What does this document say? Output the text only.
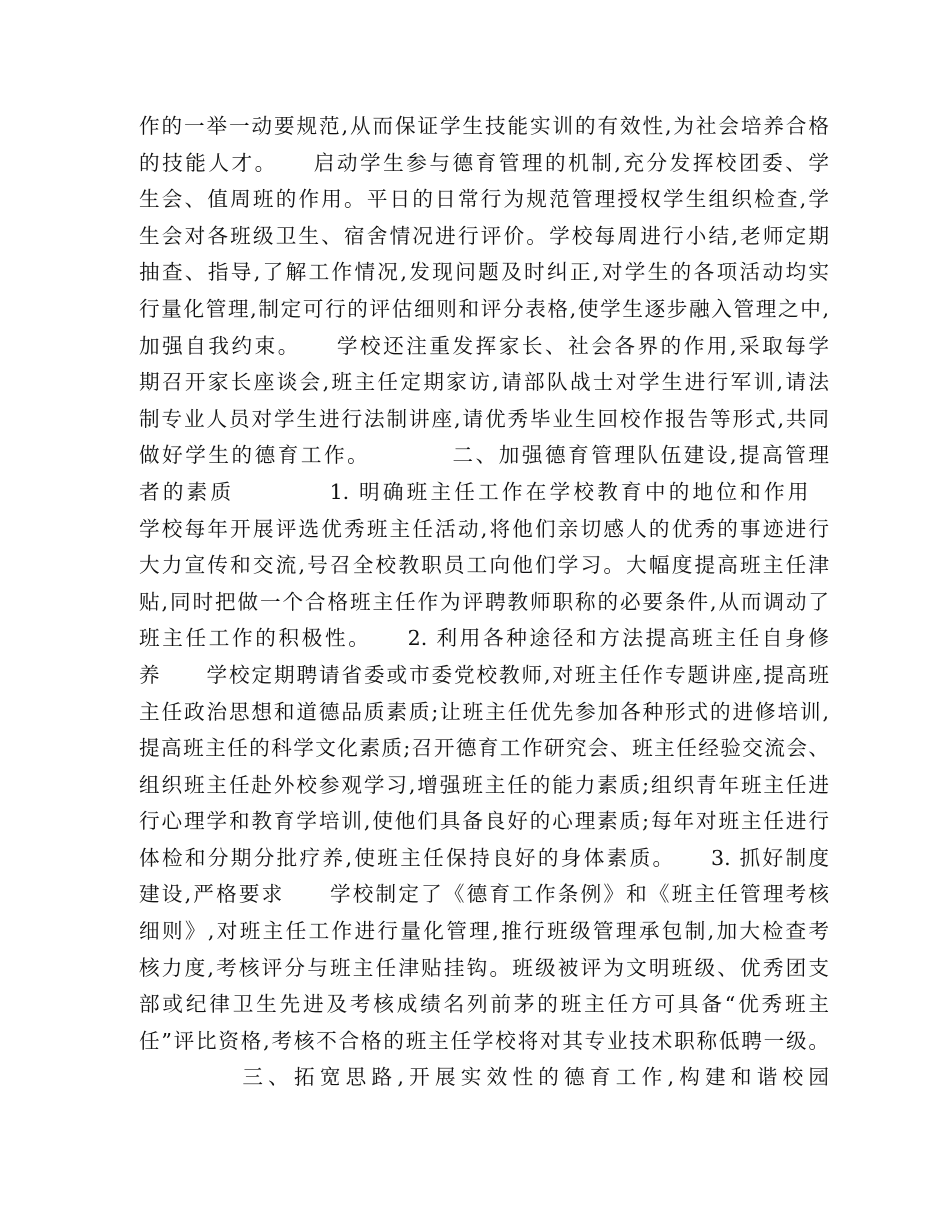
作的一举一动要规范,从而保证学生技能实训的有效性,为社会培养合格
的技能人才。　　启动学生参与德育管理的机制,充分发挥校团委、学
生会、值周班的作用。平日的日常行为规范管理授权学生组织检查,学
生会对各班级卫生、宿舍情况进行评价。学校每周进行小结,老师定期
抽查、指导,了解工作情况,发现问题及时纠正,对学生的各项活动均实
行量化管理,制定可行的评估细则和评分表格,使学生逐步融入管理之中,
加强自我约束。　　学校还注重发挥家长、社会各界的作用,采取每学
期召开家长座谈会,班主任定期家访,请部队战士对学生进行军训,请法
制专业人员对学生进行法制讲座,请优秀毕业生回校作报告等形式,共同
做好学生的德育工作。　　　　二、加强德育管理队伍建设,提高管理
者的素质　　　　1. 明确班主任工作在学校教育中的地位和作用　
学校每年开展评选优秀班主任活动,将他们亲切感人的优秀的事迹进行
大力宣传和交流,号召全校教职员工向他们学习。大幅度提高班主任津
贴,同时把做一个合格班主任作为评聘教师职称的必要条件,从而调动了
班主任工作的积极性。　　2. 利用各种途径和方法提高班主任自身修
养　　学校定期聘请省委或市委党校教师,对班主任作专题讲座,提高班
主任政治思想和道德品质素质;让班主任优先参加各种形式的进修培训,
提高班主任的科学文化素质;召开德育工作研究会、班主任经验交流会、
组织班主任赴外校参观学习,增强班主任的能力素质;组织青年班主任进
行心理学和教育学培训,使他们具备良好的心理素质;每年对班主任进行
体检和分期分批疗养,使班主任保持良好的身体素质。　　3. 抓好制度
建设,严格要求　　学校制定了《德育工作条例》和《班主任管理考核
细则》,对班主任工作进行量化管理,推行班级管理承包制,加大检查考
核力度,考核评分与班主任津贴挂钩。班级被评为文明班级、优秀团支
部或纪律卫生先进及考核成绩名列前茅的班主任方可具备“优秀班主
任”评比资格,考核不合格的班主任学校将对其专业技术职称低聘一级。
　　　　三、拓宽思路,开展实效性的德育工作,构建和谐校园
